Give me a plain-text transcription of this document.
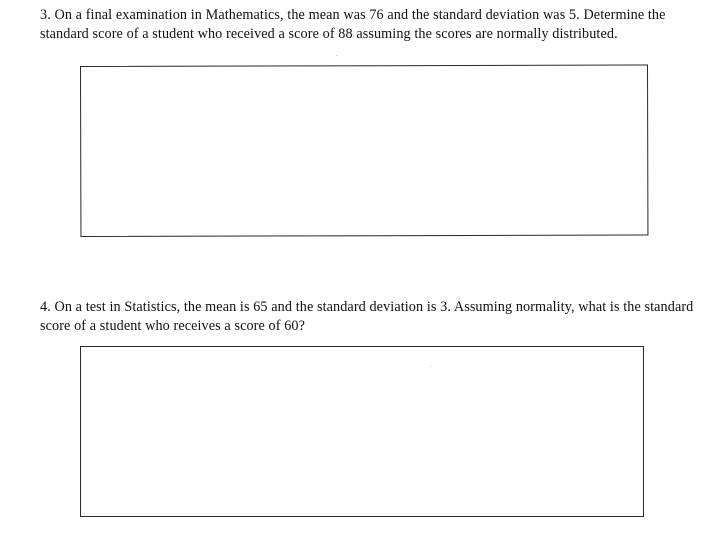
3. On a final examination in Mathematics, the mean was 76 and the standard deviation was 5. Determine the
standard score of a student who received a score of 88 assuming the scores are normally distributed.
4. On a test in Statistics, the mean is 65 and the standard deviation is 3. Assuming normality, what is the standard
score of a student who receives a score of 60?
